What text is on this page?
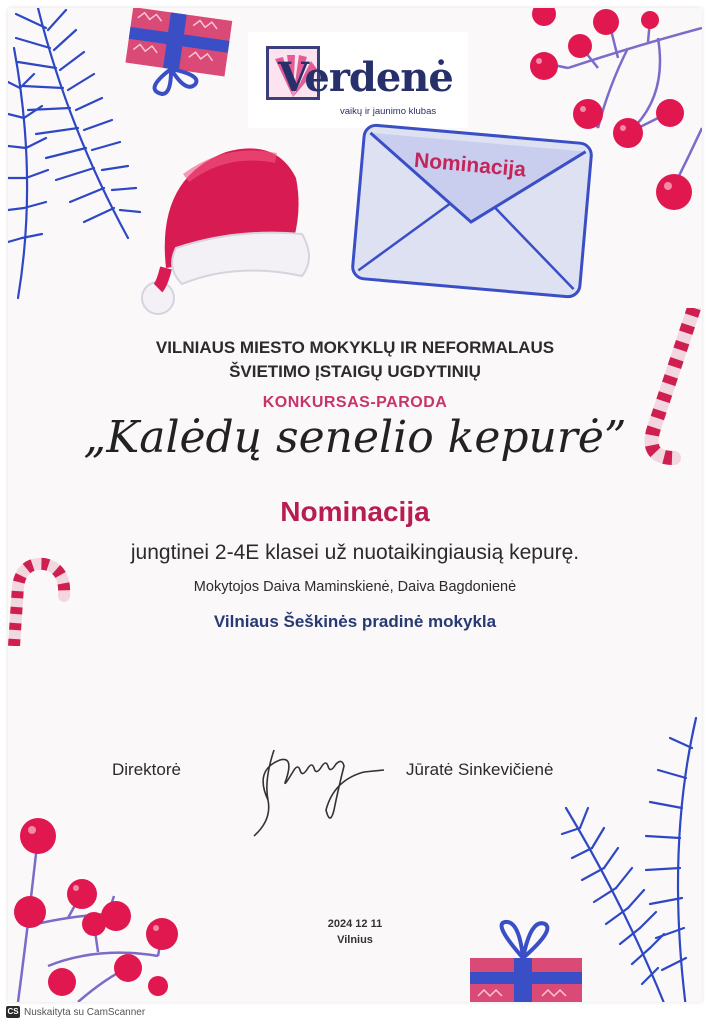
Verdenė
vaikų ir jaunimo klubas
Nominacija
VILNIAUS MIESTO MOKYKLŲ IR NEFORMALAUS
ŠVIETIMO ĮSTAIGŲ UGDYTINIŲ
KONKURSAS-PARODA
„Kalėdų senelio kepurė”
Nominacija
jungtinei 2-4E klasei už nuotaikingiausią kepurę.
Mokytojos Daiva Maminskienė, Daiva Bagdonienė
Vilniaus Šeškinės pradinė mokykla
Direktorė	Jūratė Sinkevičienė
2024 12 11
Vilnius
CS Nuskaityta su CamScanner
